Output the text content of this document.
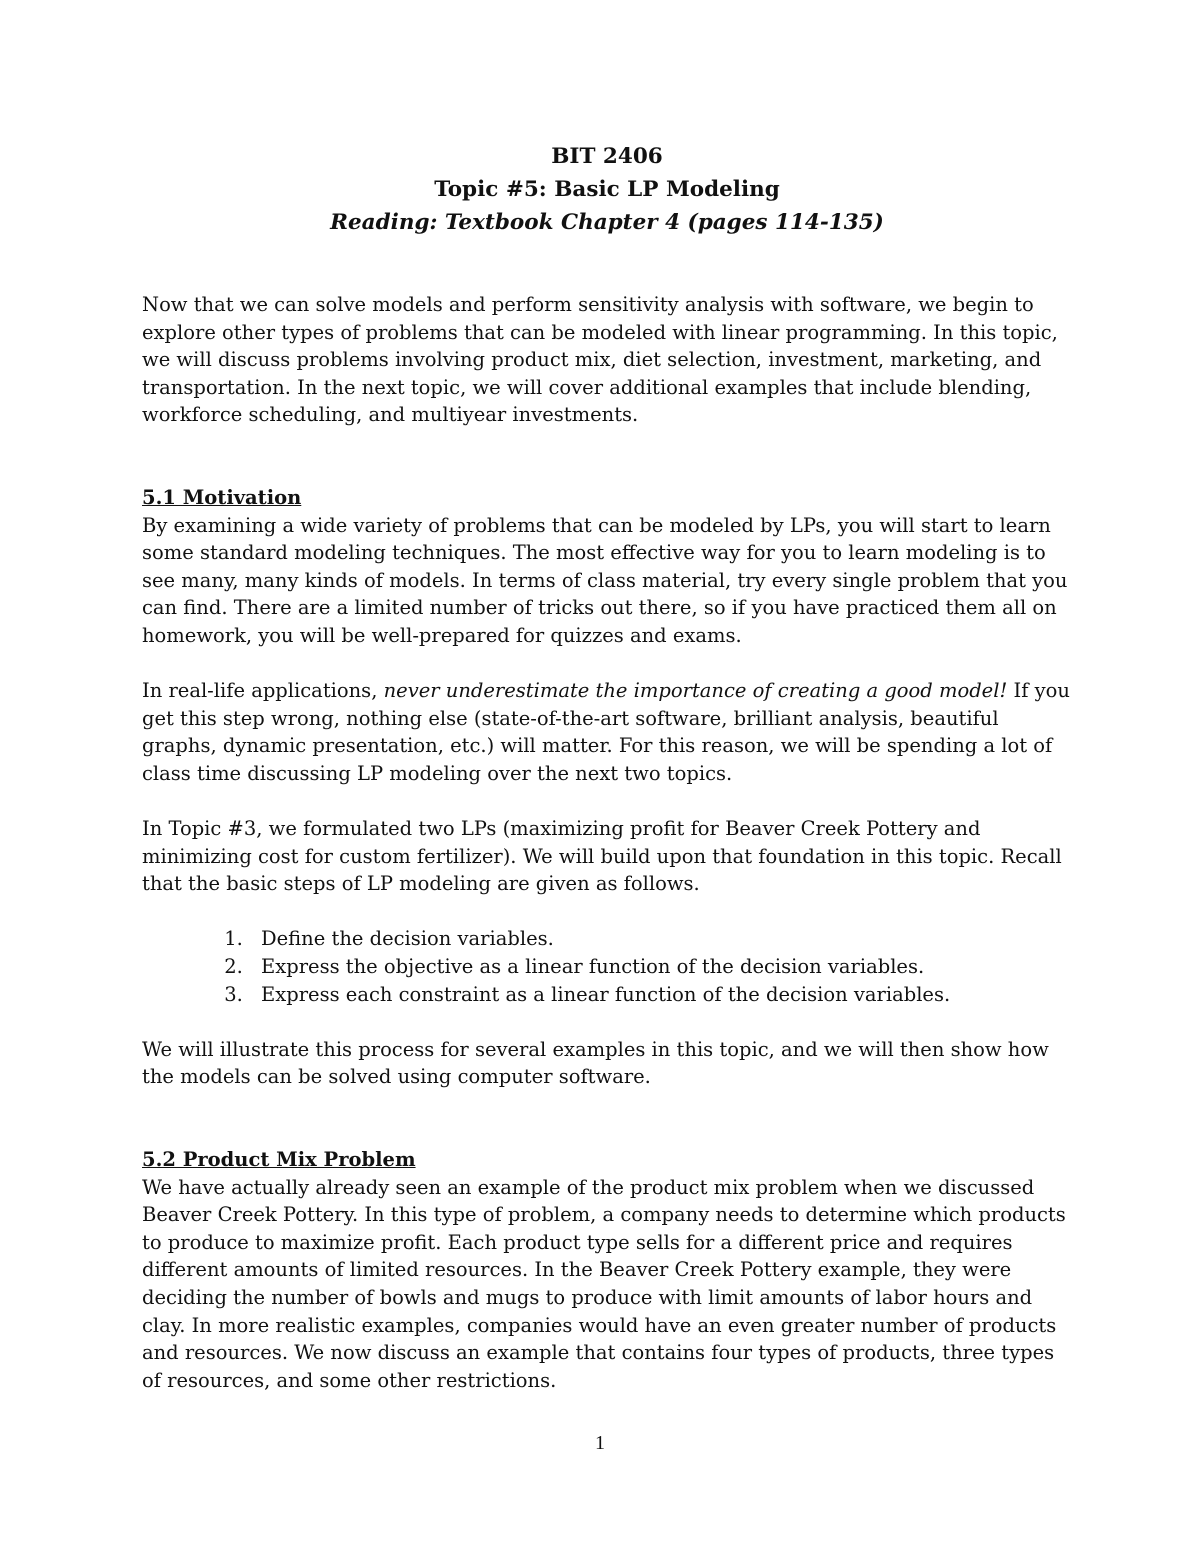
BIT 2406
Topic #5: Basic LP Modeling
Reading: Textbook Chapter 4 (pages 114-135)

Now that we can solve models and perform sensitivity analysis with software, we begin to explore other types of problems that can be modeled with linear programming. In this topic, we will discuss problems involving product mix, diet selection, investment, marketing, and transportation. In the next topic, we will cover additional examples that include blending, workforce scheduling, and multiyear investments.

5.1 Motivation

By examining a wide variety of problems that can be modeled by LPs, you will start to learn some standard modeling techniques. The most effective way for you to learn modeling is to see many, many kinds of models. In terms of class material, try every single problem that you can find. There are a limited number of tricks out there, so if you have practiced them all on homework, you will be well-prepared for quizzes and exams.

In real-life applications, never underestimate the importance of creating a good model! If you get this step wrong, nothing else (state-of-the-art software, brilliant analysis, beautiful graphs, dynamic presentation, etc.) will matter. For this reason, we will be spending a lot of class time discussing LP modeling over the next two topics.

In Topic #3, we formulated two LPs (maximizing profit for Beaver Creek Pottery and minimizing cost for custom fertilizer). We will build upon that foundation in this topic. Recall that the basic steps of LP modeling are given as follows.

1. Define the decision variables.
2. Express the objective as a linear function of the decision variables.
3. Express each constraint as a linear function of the decision variables.

We will illustrate this process for several examples in this topic, and we will then show how the models can be solved using computer software.

5.2 Product Mix Problem

We have actually already seen an example of the product mix problem when we discussed Beaver Creek Pottery. In this type of problem, a company needs to determine which products to produce to maximize profit. Each product type sells for a different price and requires different amounts of limited resources. In the Beaver Creek Pottery example, they were deciding the number of bowls and mugs to produce with limit amounts of labor hours and clay. In more realistic examples, companies would have an even greater number of products and resources. We now discuss an example that contains four types of products, three types of resources, and some other restrictions.

1
